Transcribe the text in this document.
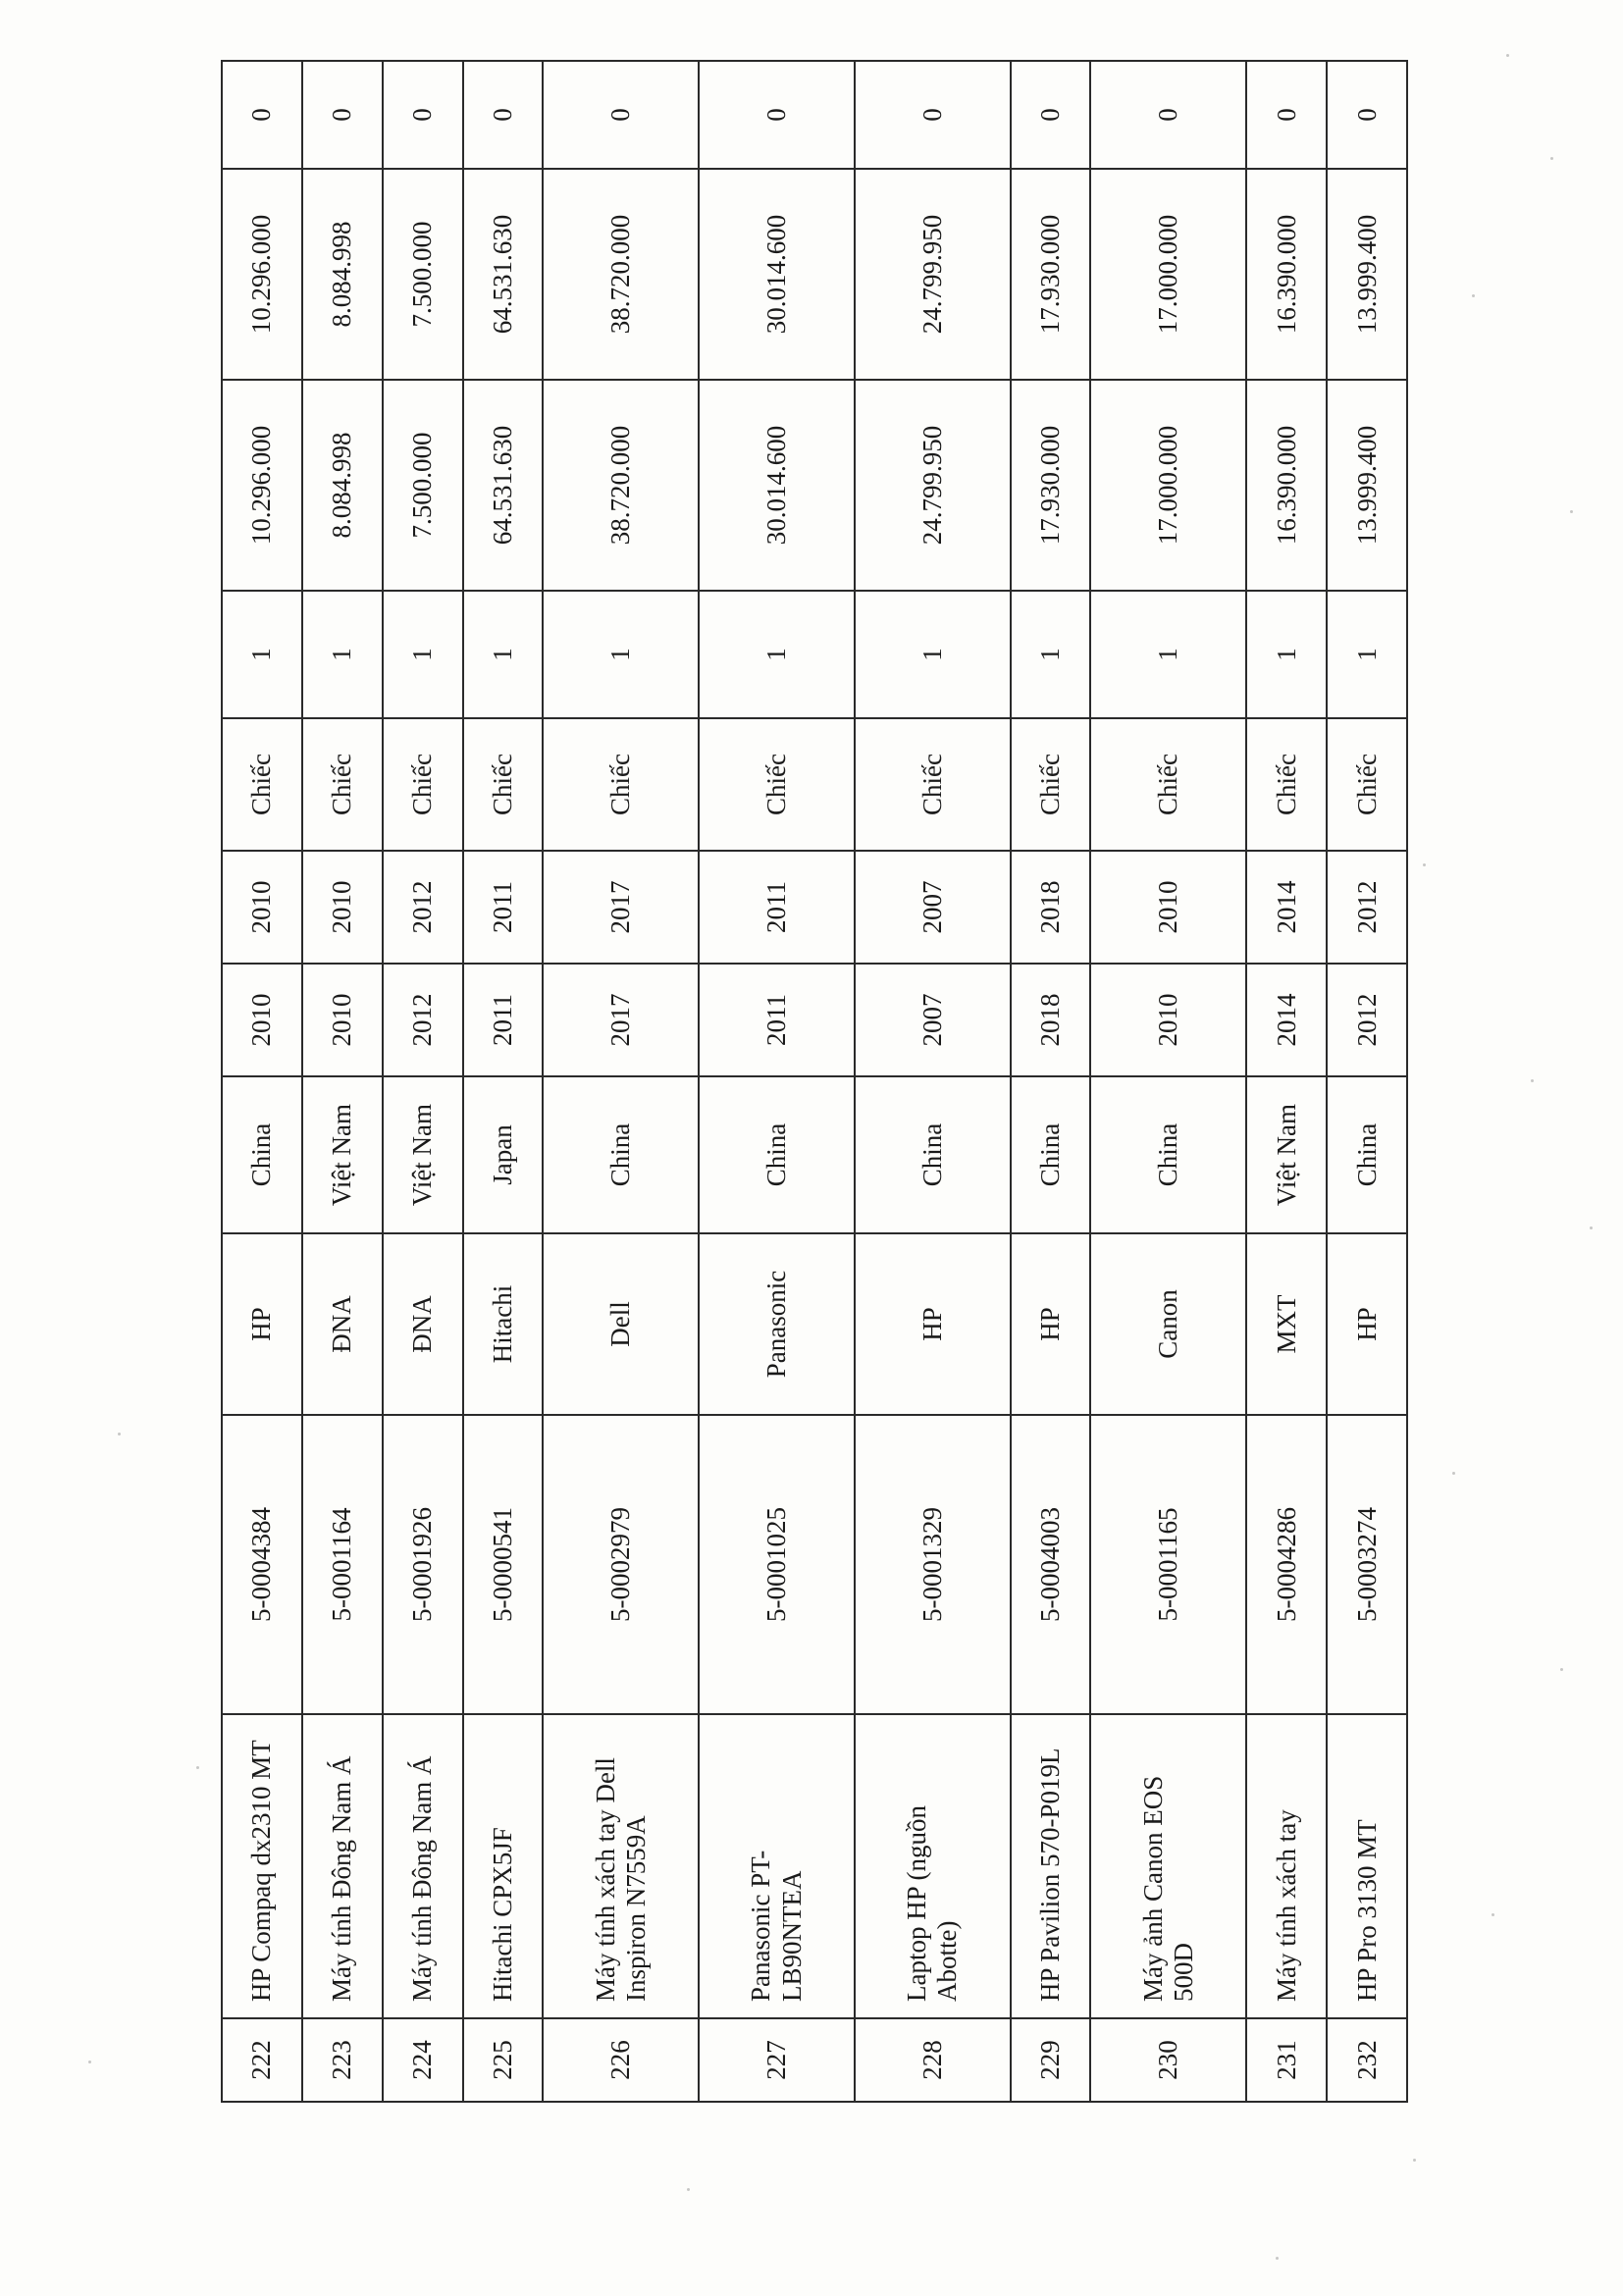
222	HP Compaq dx2310 MT	5-0004384	HP	China	2010	2010	Chiếc	1	10.296.000	10.296.000	0
223	Máy tính Đông Nam Á	5-0001164	ĐNA	Việt Nam	2010	2010	Chiếc	1	8.084.998	8.084.998	0
224	Máy tính Đông Nam Á	5-0001926	ĐNA	Việt Nam	2012	2012	Chiếc	1	7.500.000	7.500.000	0
225	Hitachi CPX5JF	5-0000541	Hitachi	Japan	2011	2011	Chiếc	1	64.531.630	64.531.630	0
226	Máy tính xách tay Dell Inspiron N7559A	5-0002979	Dell	China	2017	2017	Chiếc	1	38.720.000	38.720.000	0
227	Panasonic PT-LB90NTEA	5-0001025	Panasonic	China	2011	2011	Chiếc	1	30.014.600	30.014.600	0
228	Laptop HP (nguồn Abotte)	5-0001329	HP	China	2007	2007	Chiếc	1	24.799.950	24.799.950	0
229	HP Pavilion 570-P019L	5-0004003	HP	China	2018	2018	Chiếc	1	17.930.000	17.930.000	0
230	Máy ảnh Canon EOS 500D	5-0001165	Canon	China	2010	2010	Chiếc	1	17.000.000	17.000.000	0
231	Máy tính xách tay	5-0004286	MXT	Việt Nam	2014	2014	Chiếc	1	16.390.000	16.390.000	0
232	HP Pro 3130 MT	5-0003274	HP	China	2012	2012	Chiếc	1	13.999.400	13.999.400	0
